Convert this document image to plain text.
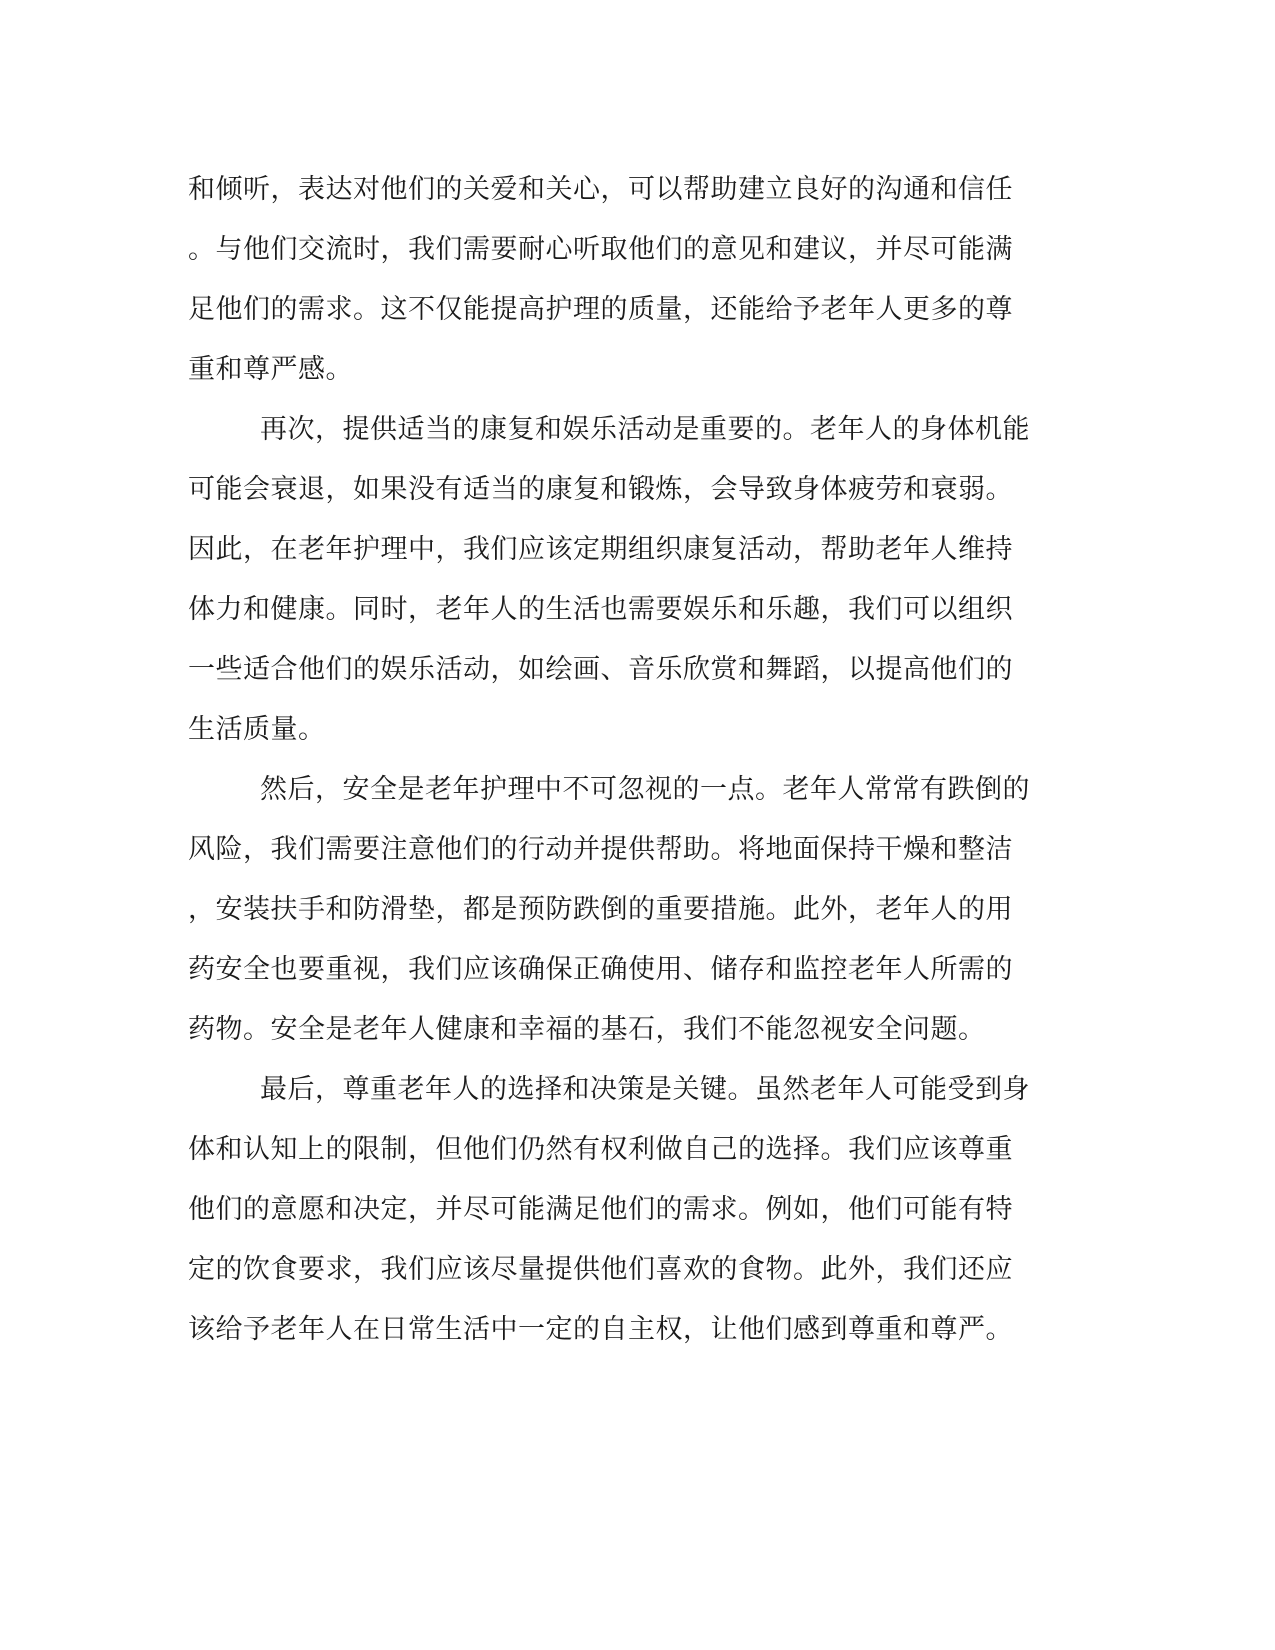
和倾听，表达对他们的关爱和关心，可以帮助建立良好的沟通和信任
。与他们交流时，我们需要耐心听取他们的意见和建议，并尽可能满
足他们的需求。这不仅能提高护理的质量，还能给予老年人更多的尊
重和尊严感。
再次，提供适当的康复和娱乐活动是重要的。老年人的身体机能
可能会衰退，如果没有适当的康复和锻炼，会导致身体疲劳和衰弱。
因此，在老年护理中，我们应该定期组织康复活动，帮助老年人维持
体力和健康。同时，老年人的生活也需要娱乐和乐趣，我们可以组织
一些适合他们的娱乐活动，如绘画、音乐欣赏和舞蹈，以提高他们的
生活质量。
然后，安全是老年护理中不可忽视的一点。老年人常常有跌倒的
风险，我们需要注意他们的行动并提供帮助。将地面保持干燥和整洁
，安装扶手和防滑垫，都是预防跌倒的重要措施。此外，老年人的用
药安全也要重视，我们应该确保正确使用、储存和监控老年人所需的
药物。安全是老年人健康和幸福的基石，我们不能忽视安全问题。
最后，尊重老年人的选择和决策是关键。虽然老年人可能受到身
体和认知上的限制，但他们仍然有权利做自己的选择。我们应该尊重
他们的意愿和决定，并尽可能满足他们的需求。例如，他们可能有特
定的饮食要求，我们应该尽量提供他们喜欢的食物。此外，我们还应
该给予老年人在日常生活中一定的自主权，让他们感到尊重和尊严。
